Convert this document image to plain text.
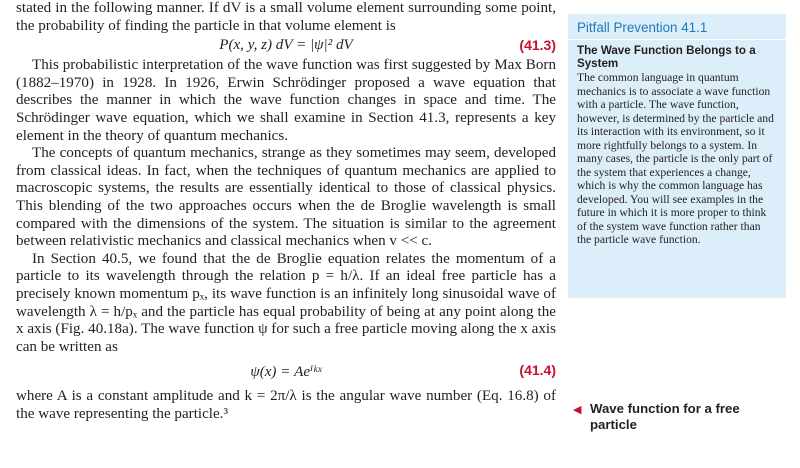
stated in the following manner. If dV is a small volume element surrounding some point, the probability of finding the particle in that volume element is

P(x, y, z) dV = |ψ|² dV	(41.3)

This probabilistic interpretation of the wave function was first suggested by Max Born (1882–1970) in 1928. In 1926, Erwin Schrödinger proposed a wave equation that describes the manner in which the wave function changes in space and time. The Schrödinger wave equation, which we shall examine in Section 41.3, represents a key element in the theory of quantum mechanics.

The concepts of quantum mechanics, strange as they sometimes may seem, developed from classical ideas. In fact, when the techniques of quantum mechanics are applied to macroscopic systems, the results are essentially identical to those of classical physics. This blending of the two approaches occurs when the de Broglie wavelength is small compared with the dimensions of the system. The situation is similar to the agreement between relativistic mechanics and classical mechanics when v << c.

In Section 40.5, we found that the de Broglie equation relates the momentum of a particle to its wavelength through the relation p = h/λ. If an ideal free particle has a precisely known momentum pₓ, its wave function is an infinitely long sinusoidal wave of wavelength λ = h/pₓ and the particle has equal probability of being at any point along the x axis (Fig. 40.18a). The wave function ψ for such a free particle moving along the x axis can be written as

ψ(x) = Aeⁱᵏˣ	(41.4)

where A is a constant amplitude and k = 2π/λ is the angular wave number (Eq. 16.8) of the wave representing the particle.³

Pitfall Prevention 41.1
The Wave Function Belongs to a System
The common language in quantum mechanics is to associate a wave function with a particle. The wave function, however, is determined by the particle and its interaction with its environment, so it more rightfully belongs to a system. In many cases, the particle is the only part of the system that experiences a change, which is why the common language has developed. You will see examples in the future in which it is more proper to think of the system wave function rather than the particle wave function.
◀ Wave function for a free particle
